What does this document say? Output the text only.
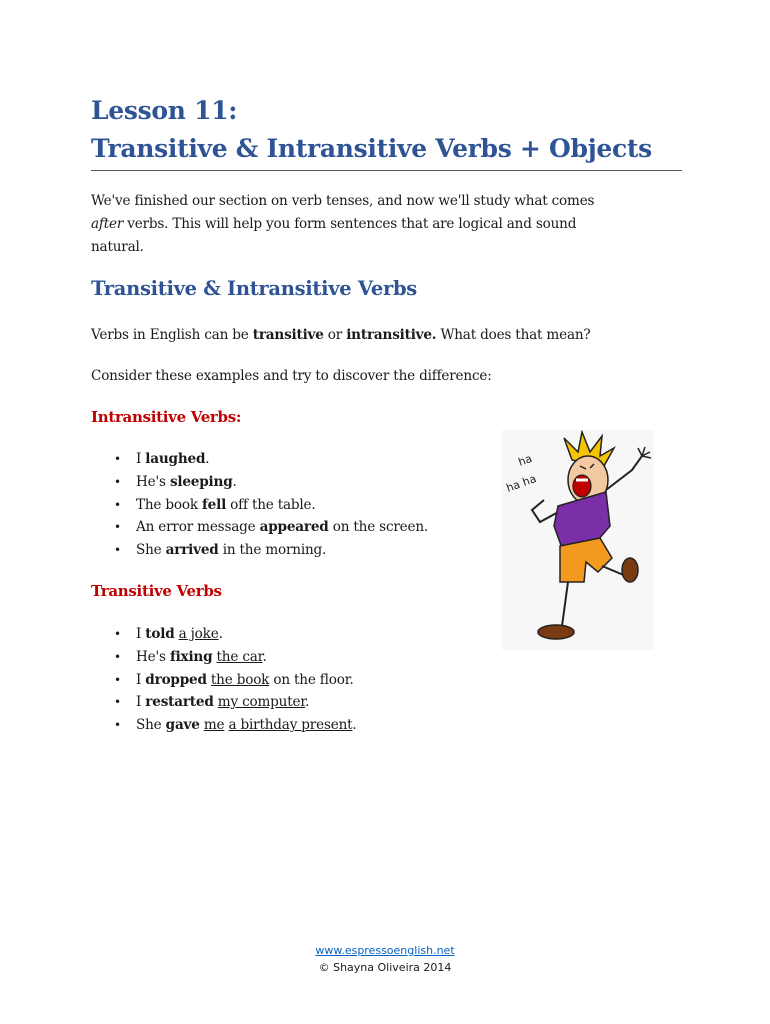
Lesson 11:
Transitive & Intransitive Verbs + Objects
We've finished our section on verb tenses, and now we'll study what comes after verbs. This will help you form sentences that are logical and sound natural.
Transitive & Intransitive Verbs
Verbs in English can be transitive or intransitive. What does that mean?
Consider these examples and try to discover the difference:
Intransitive Verbs:
• I laughed.
• He's sleeping.
• The book fell off the table.
• An error message appeared on the screen.
• She arrived in the morning.
Transitive Verbs
• I told a joke.
• He's fixing the car.
• I dropped the book on the floor.
• I restarted my computer.
• She gave me a birthday present.
ha
ha ha
www.espressoenglish.net
© Shayna Oliveira 2014
